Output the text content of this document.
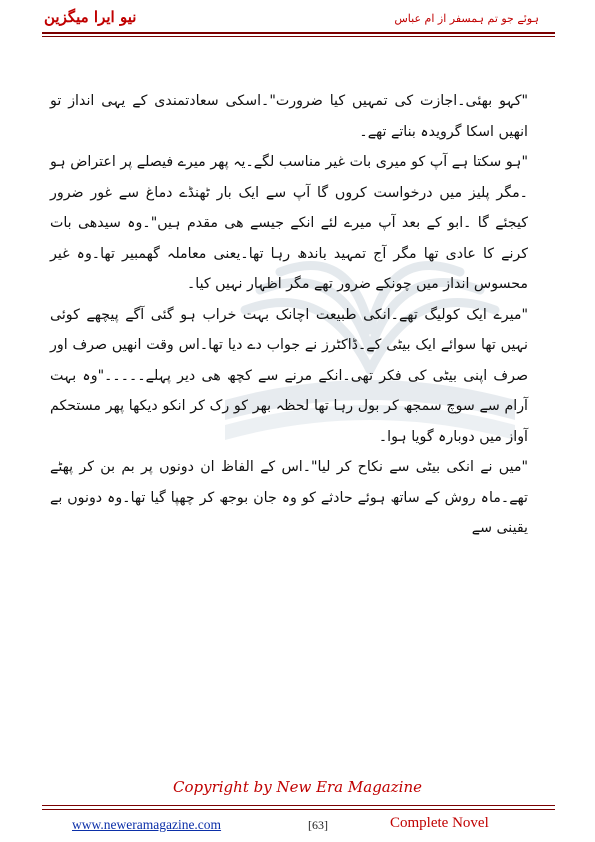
نیو ایرا میگزین	ہوئے جو تم ہمسفر از ام عباس

"کہو بھئی۔اجازت کی تمہیں کیا ضرورت"۔اسکی سعادتمندی کے یہی انداز تو انھیں اسکا گرویدہ بناتے تھے۔

"ہو سکتا ہے آپ کو میری بات غیر مناسب لگے۔یہ پھر میرے فیصلے پر اعتراض ہو ۔مگر پلیز میں درخواست کروں گا آپ سے ایک بار ٹھنڈے دماغ سے غور ضرور کیجئے گا ۔ابو کے بعد آپ میرے لئے انکے جیسے ھی مقدم ہیں"۔وہ سیدھی بات کرنے کا عادی تھا مگر آج تمہید باندھ رہا تھا۔یعنی معاملہ گھمبیر تھا۔وہ غیر محسوس انداز میں چونکے ضرور تھے مگر اظہار نہیں کیا۔

"میرے ایک کولیگ تھے۔انکی طبیعت اچانک بہت خراب ہو گئی آگے پیچھے کوئی نہیں تھا سوائے ایک بیٹی کے۔ڈاکٹرز نے جواب دے دیا تھا۔اس وقت انھیں صرف اور صرف اپنی بیٹی کی فکر تھی۔انکے مرنے سے کچھ ھی دیر پہلے۔۔۔۔۔"وہ بہت آرام سے سوچ سمجھ کر بول رہا تھا لحظہ بھر کو رک کر انکو دیکھا پھر مستحکم آواز میں دوبارہ گویا ہوا۔

"میں نے انکی بیٹی سے نکاح کر لیا"۔اس کے الفاظ ان دونوں پر بم بن کر پھٹے تھے۔ماہ روش کے ساتھ ہوئے حادثے کو وہ جان بوجھ کر چھپا گیا تھا۔وہ دونوں بے یقینی سے

Copyright by New Era Magazine
www.neweramagazine.com	[63]	Complete Novel
